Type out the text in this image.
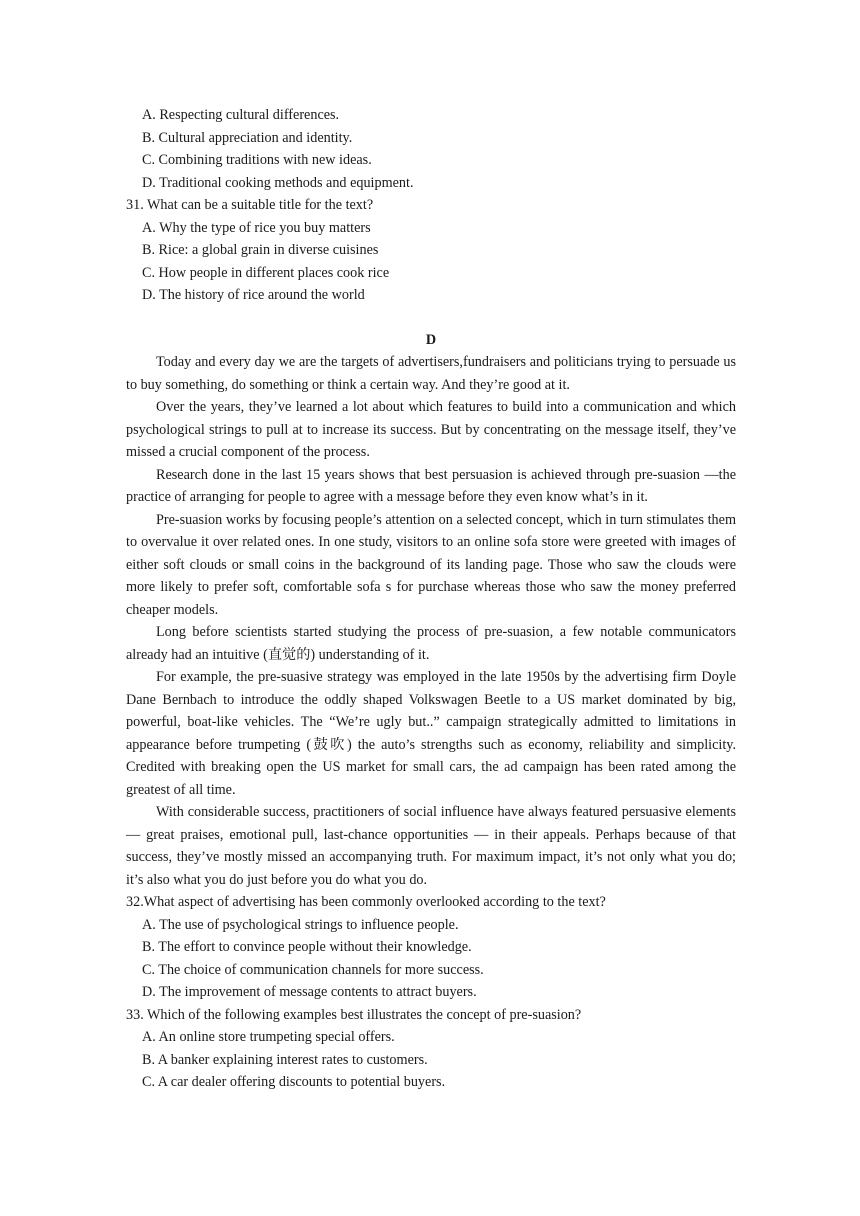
A. Respecting cultural differences.
B. Cultural appreciation and identity.
C. Combining traditions with new ideas.
D. Traditional cooking methods and equipment.
31. What can be a suitable title for the text?
A. Why the type of rice you buy matters
B. Rice: a global grain in diverse cuisines
C. How people in different places cook rice
D. The history of rice around the world
D

Today and every day we are the targets of advertisers,fundraisers and politicians trying to persuade us to buy something, do something or think a certain way. And they’re good at it.

Over the years, they’ve learned a lot about which features to build into a communication and which psychological strings to pull at to increase its success. But by concentrating on the message itself, they’ve missed a crucial component of the process.

Research done in the last 15 years shows that best persuasion is achieved through pre-suasion —the practice of arranging for people to agree with a message before they even know what’s in it.

Pre-suasion works by focusing people’s attention on a selected concept, which in turn stimulates them to overvalue it over related ones. In one study, visitors to an online sofa store were greeted with images of either soft clouds or small coins in the background of its landing page. Those who saw the clouds were more likely to prefer soft, comfortable sofa s for purchase whereas those who saw the money preferred cheaper models.

Long before scientists started studying the process of pre-suasion, a few notable communicators already had an intuitive (直觉的) understanding of it.

For example, the pre-suasive strategy was employed in the late 1950s by the advertising firm Doyle Dane Bernbach to introduce the oddly shaped Volkswagen Beetle to a US market dominated by big, powerful, boat-like vehicles. The “We’re ugly but..” campaign strategically admitted to limitations in appearance before trumpeting (鼓吹) the auto’s strengths such as economy, reliability and simplicity. Credited with breaking open the US market for small cars, the ad campaign has been rated among the greatest of all time.

With considerable success, practitioners of social influence have always featured persuasive elements — great praises, emotional pull, last-chance opportunities — in their appeals. Perhaps because of that success, they’ve mostly missed an accompanying truth. For maximum impact, it’s not only what you do; it’s also what you do just before you do what you do.

32.What aspect of advertising has been commonly overlooked according to the text?
A. The use of psychological strings to influence people.
B. The effort to convince people without their knowledge.
C. The choice of communication channels for more success.
D. The improvement of message contents to attract buyers.
33. Which of the following examples best illustrates the concept of pre-suasion?
A. An online store trumpeting special offers.
B. A banker explaining interest rates to customers.
C. A car dealer offering discounts to potential buyers.
